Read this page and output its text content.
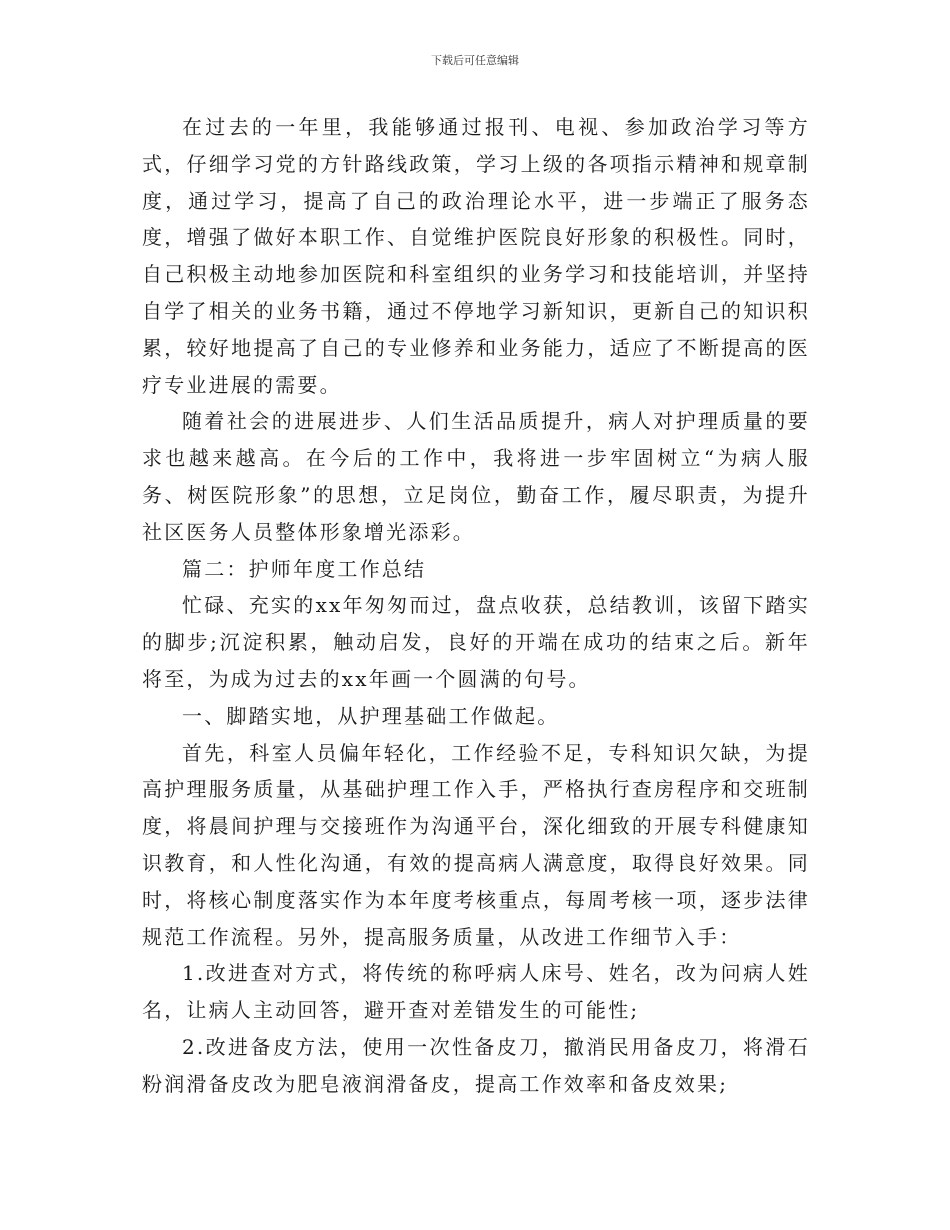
下载后可任意编辑

在过去的一年里，我能够通过报刊、电视、参加政治学习等方式，仔细学习党的方针路线政策，学习上级的各项指示精神和规章制度，通过学习，提高了自己的政治理论水平，进一步端正了服务态度，增强了做好本职工作、自觉维护医院良好形象的积极性。同时，自己积极主动地参加医院和科室组织的业务学习和技能培训，并坚持自学了相关的业务书籍，通过不停地学习新知识，更新自己的知识积累，较好地提高了自己的专业修养和业务能力，适应了不断提高的医疗专业进展的需要。

随着社会的进展进步、人们生活品质提升，病人对护理质量的要求也越来越高。在今后的工作中，我将进一步牢固树立“为病人服务、树医院形象”的思想，立足岗位，勤奋工作，履尽职责，为提升社区医务人员整体形象增光添彩。

篇二：护师年度工作总结

忙碌、充实的xx年匆匆而过，盘点收获，总结教训，该留下踏实的脚步;沉淀积累，触动启发，良好的开端在成功的结束之后。新年将至，为成为过去的xx年画一个圆满的句号。

一、脚踏实地，从护理基础工作做起。

首先，科室人员偏年轻化，工作经验不足，专科知识欠缺，为提高护理服务质量，从基础护理工作入手，严格执行查房程序和交班制度，将晨间护理与交接班作为沟通平台，深化细致的开展专科健康知识教育，和人性化沟通，有效的提高病人满意度，取得良好效果。同时，将核心制度落实作为本年度考核重点，每周考核一项，逐步法律规范工作流程。另外，提高服务质量，从改进工作细节入手：

1.改进查对方式，将传统的称呼病人床号、姓名，改为问病人姓名，让病人主动回答，避开查对差错发生的可能性;

2.改进备皮方法，使用一次性备皮刀，撤消民用备皮刀，将滑石粉润滑备皮改为肥皂液润滑备皮，提高工作效率和备皮效果;
